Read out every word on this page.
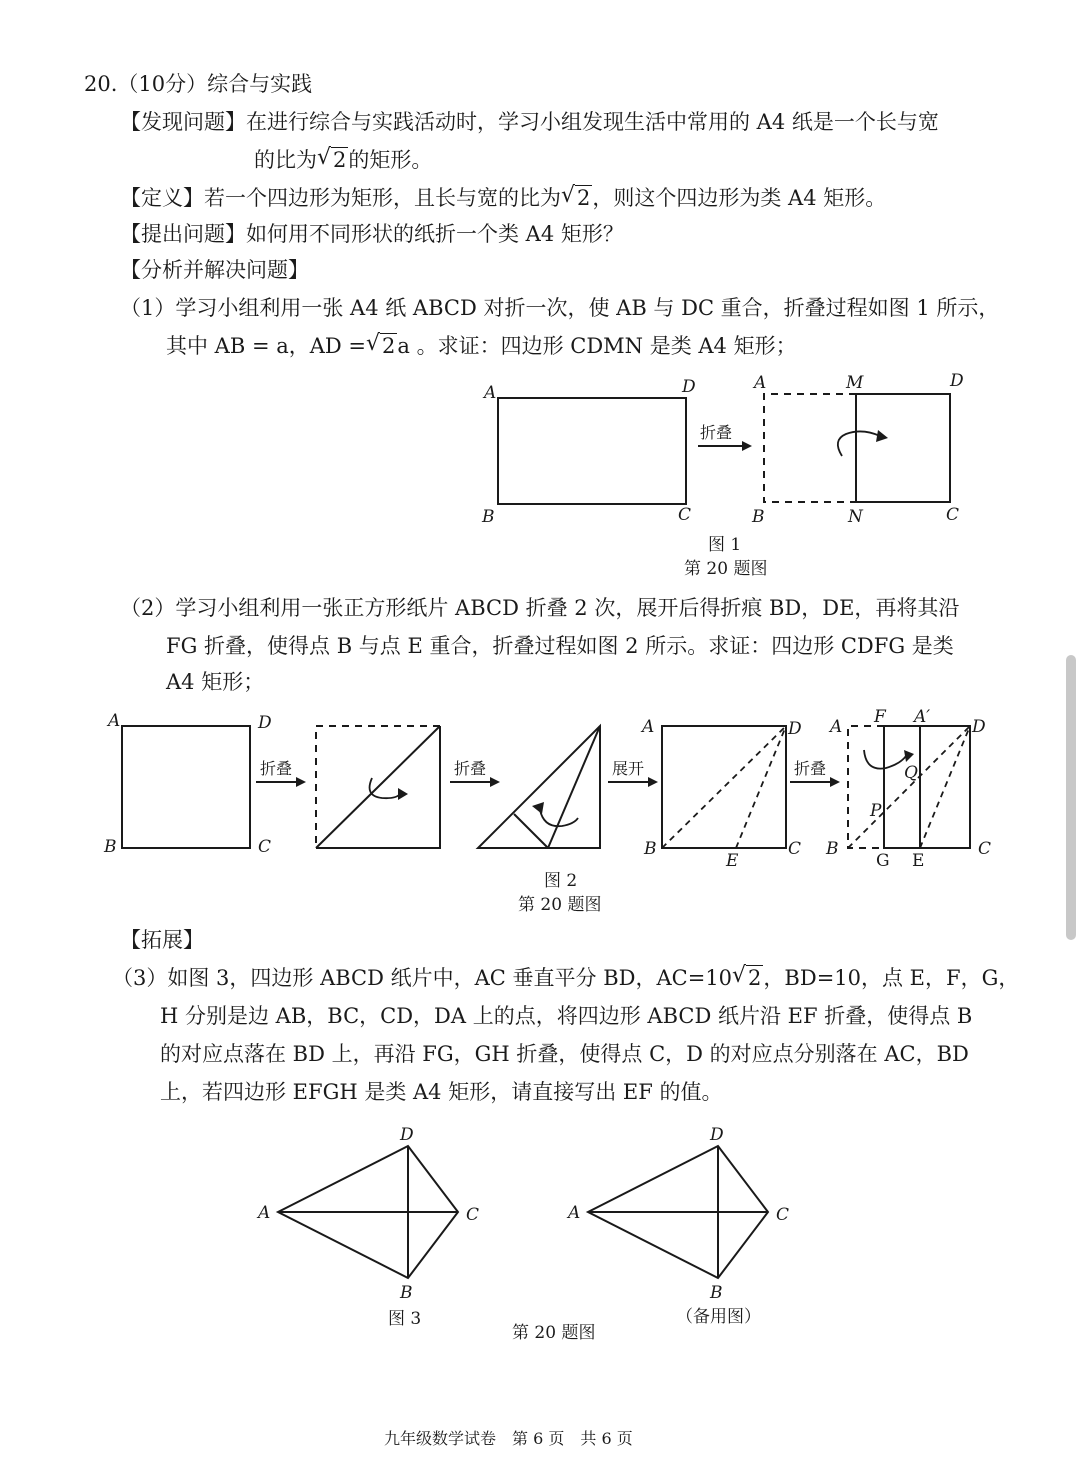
20.（10分）综合与实践
【发现问题】在进行综合与实践活动时，学习小组发现生活中常用的 A4 纸是一个长与宽
的比为 √ 2的矩形。
【定义】若一个四边形为矩形，且长与宽的比为 √ 2，则这个四边形为类 A4 矩形。
【提出问题】如何用不同形状的纸折一个类 A4 矩形？
【分析并解决问题】
（1）学习小组利用一张 A4 纸 ABCD 对折一次，使 AB 与 DC 重合，折叠过程如图 1 所示，
其中 AB = a，AD = √ 2a 。求证：四边形 CDMN 是类 A4 矩形；
A	D
B	C
折叠
A	M	D
B	N	C
图 1
第 20 题图
（2）学习小组利用一张正方形纸片 ABCD 折叠 2 次，展开后得折痕 BD，DE，再将其沿
FG 折叠，使得点 B 与点 E 重合，折叠过程如图 2 所示。求证：四边形 CDFG 是类
A4 矩形；
A	D
B	C
折叠	折叠	展开
A	D
B	C
E
折叠
A F A′ D
Q
P
B
G E
C
图 2
第 20 题图
【拓展】
（3）如图 3，四边形 ABCD 纸片中，AC 垂直平分 BD，AC=10 √ 2，BD=10，点 E，F，G，
H 分别是边 AB，BC，CD，DA 上的点，将四边形 ABCD 纸片沿 EF 折叠，使得点 B
的对应点落在 BD 上，再沿 FG，GH 折叠，使得点 C，D 的对应点分别落在 AC，BD
上，若四边形 EFGH 是类 A4 矩形，请直接写出 EF 的值。
A
D
C
B
A
D
C
B
图 3	（备用图）
第 20 题图
九年级数学试卷　第 6 页　共 6 页
